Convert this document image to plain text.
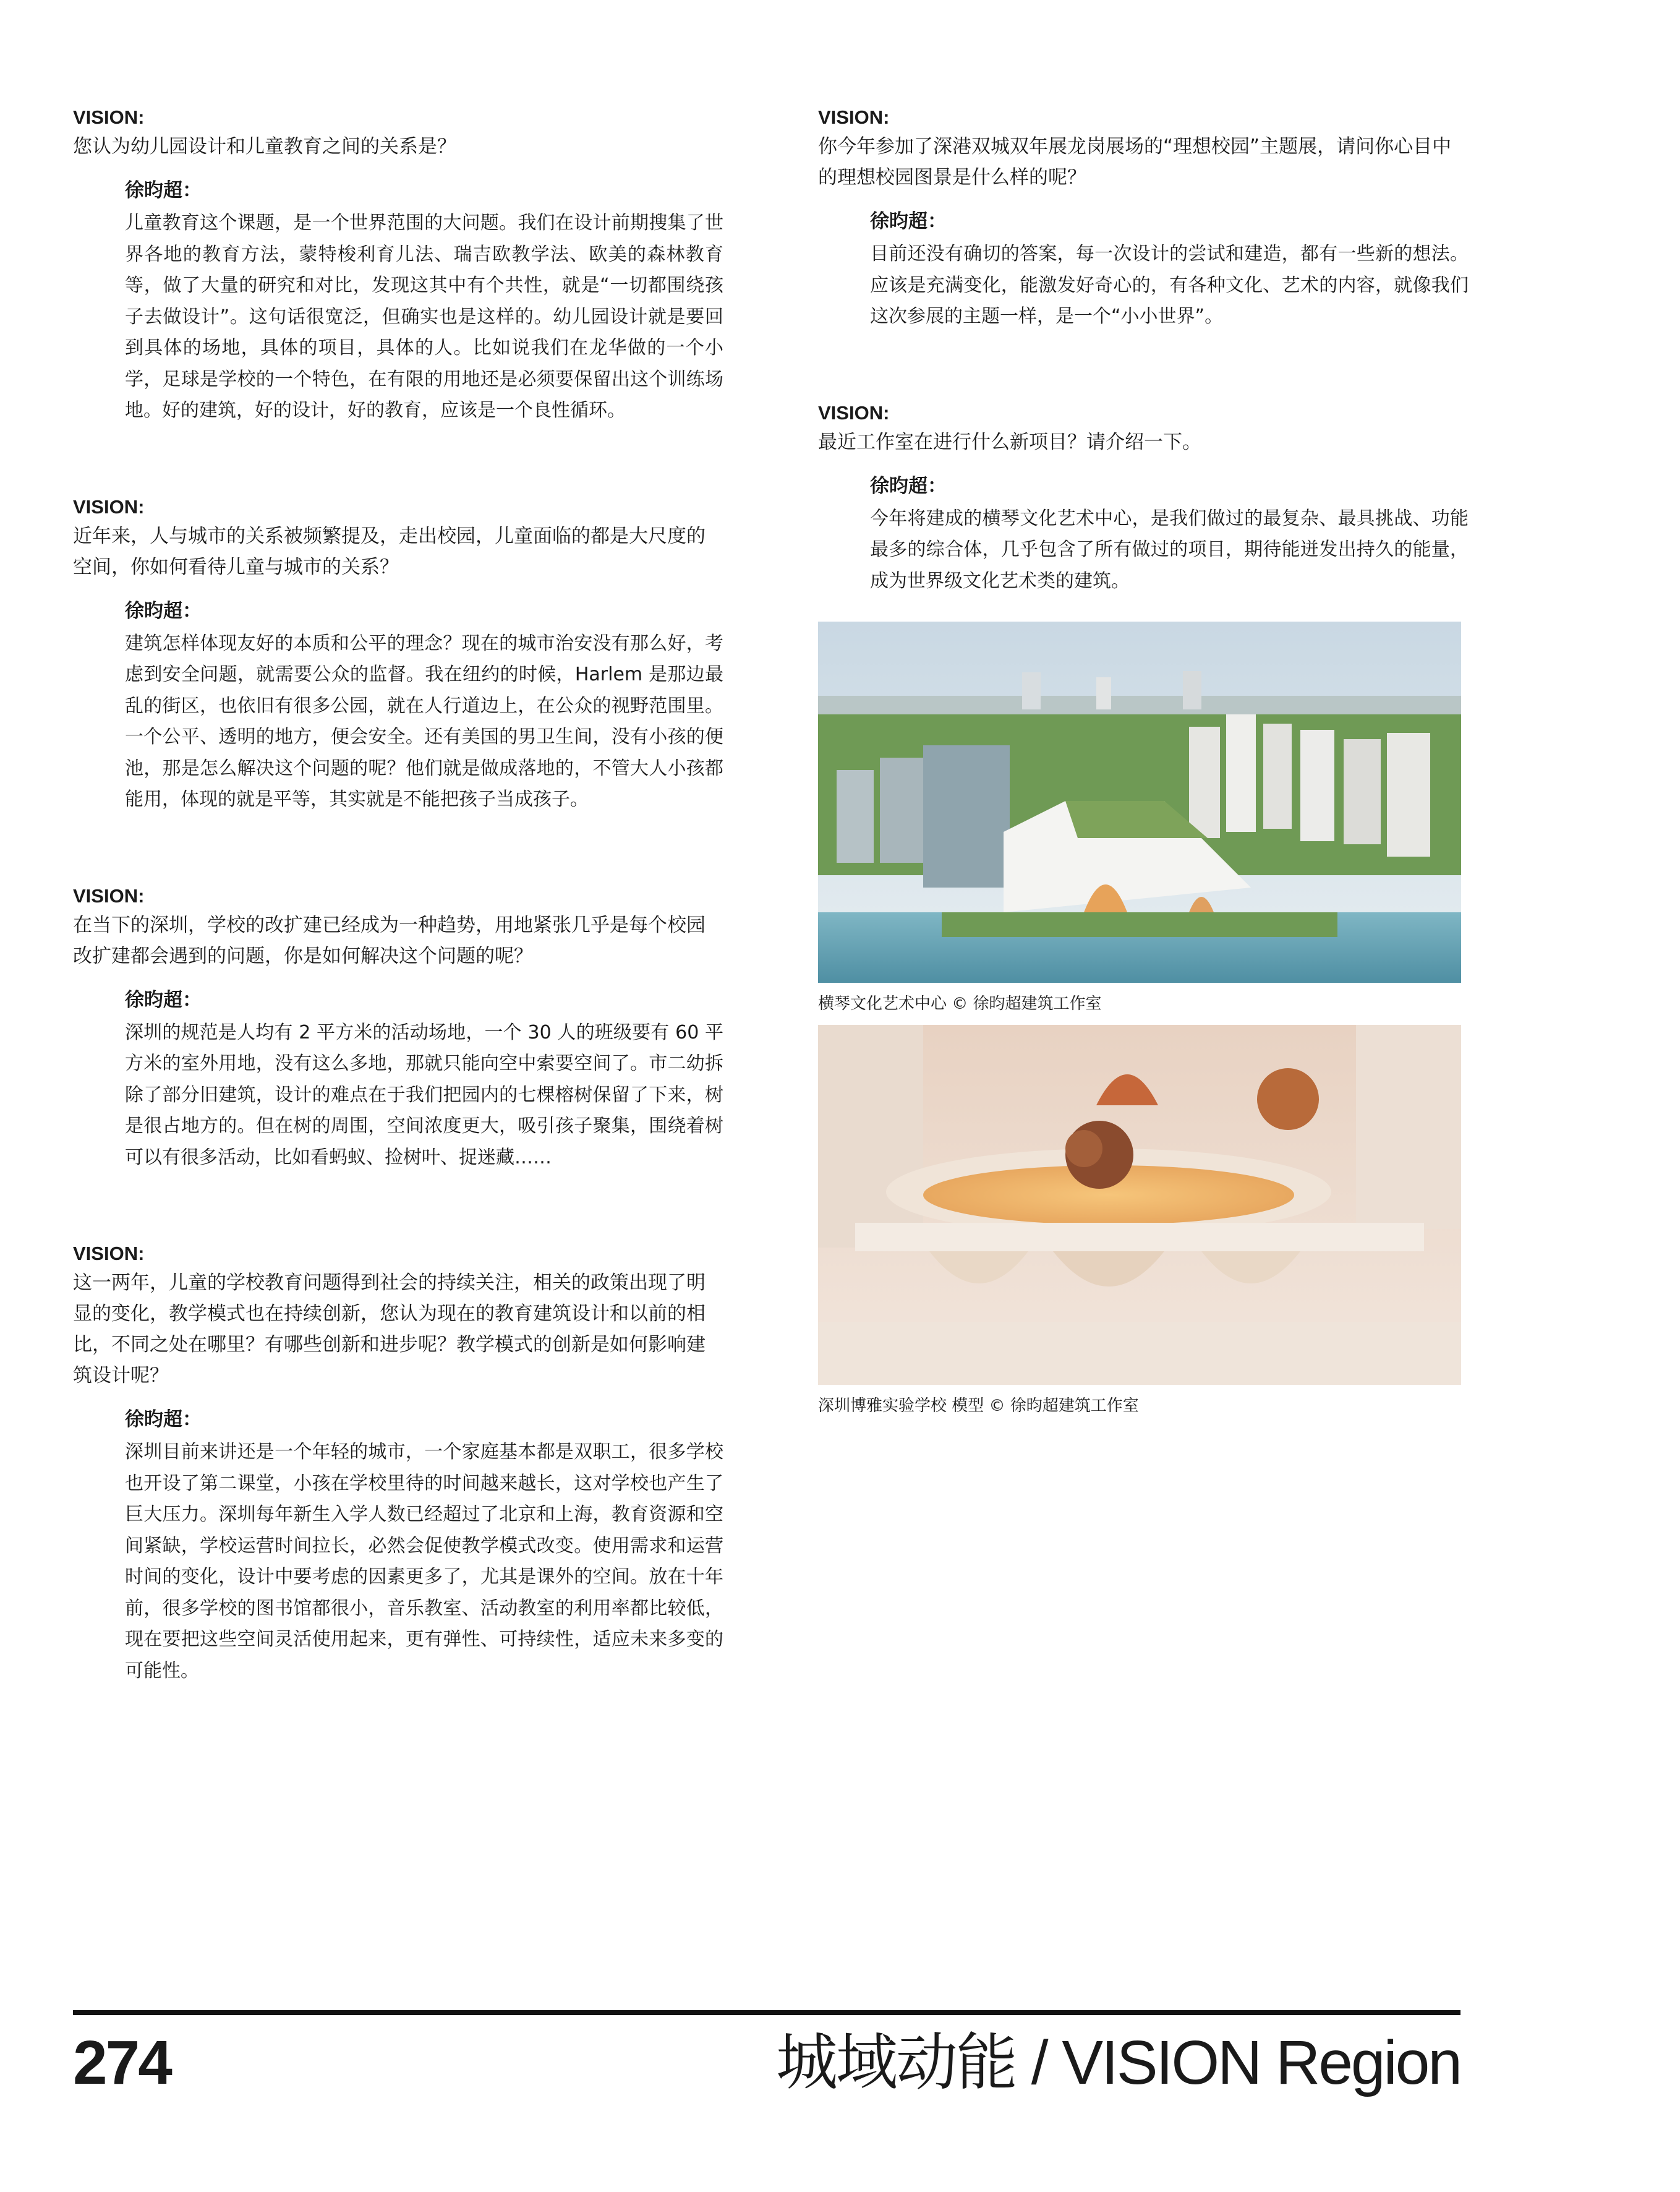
VISION:

您认为幼儿园设计和儿童教育之间的关系是？

徐昀超：

儿童教育这个课题，是一个世界范围的大问题。我们在设计前期搜集了世界各地的教育方法，蒙特梭利育儿法、瑞吉欧教学法、欧美的森林教育等，做了大量的研究和对比，发现这其中有个共性，就是“一切都围绕孩子去做设计”。这句话很宽泛，但确实也是这样的。幼儿园设计就是要回到具体的场地，具体的项目，具体的人。比如说我们在龙华做的一个小学，足球是学校的一个特色，在有限的用地还是必须要保留出这个训练场地。好的建筑，好的设计，好的教育，应该是一个良性循环。

VISION:

近年来，人与城市的关系被频繁提及，走出校园，儿童面临的都是大尺度的空间，你如何看待儿童与城市的关系？

徐昀超：

建筑怎样体现友好的本质和公平的理念？现在的城市治安没有那么好，考虑到安全问题，就需要公众的监督。我在纽约的时候，Harlem 是那边最乱的街区，也依旧有很多公园，就在人行道边上，在公众的视野范围里。一个公平、透明的地方，便会安全。还有美国的男卫生间，没有小孩的便池，那是怎么解决这个问题的呢？他们就是做成落地的，不管大人小孩都能用，体现的就是平等，其实就是不能把孩子当成孩子。

VISION:

在当下的深圳，学校的改扩建已经成为一种趋势，用地紧张几乎是每个校园改扩建都会遇到的问题，你是如何解决这个问题的呢？

徐昀超：

深圳的规范是人均有 2 平方米的活动场地，一个 30 人的班级要有 60 平方米的室外用地，没有这么多地，那就只能向空中索要空间了。市二幼拆除了部分旧建筑，设计的难点在于我们把园内的七棵榕树保留了下来，树是很占地方的。但在树的周围，空间浓度更大，吸引孩子聚集，围绕着树可以有很多活动，比如看蚂蚁、捡树叶、捉迷藏……

VISION:

这一两年，儿童的学校教育问题得到社会的持续关注，相关的政策出现了明显的变化，教学模式也在持续创新，您认为现在的教育建筑设计和以前的相比，不同之处在哪里？有哪些创新和进步呢？教学模式的创新是如何影响建筑设计呢？

徐昀超：

深圳目前来讲还是一个年轻的城市，一个家庭基本都是双职工，很多学校也开设了第二课堂，小孩在学校里待的时间越来越长，这对学校也产生了巨大压力。深圳每年新生入学人数已经超过了北京和上海，教育资源和空间紧缺，学校运营时间拉长，必然会促使教学模式改变。使用需求和运营时间的变化，设计中要考虑的因素更多了，尤其是课外的空间。放在十年前，很多学校的图书馆都很小，音乐教室、活动教室的利用率都比较低，现在要把这些空间灵活使用起来，更有弹性、可持续性，适应未来多变的可能性。

VISION:

你今年参加了深港双城双年展龙岗展场的“理想校园”主题展，请问你心目中的理想校园图景是什么样的呢？

徐昀超：

目前还没有确切的答案，每一次设计的尝试和建造，都有一些新的想法。应该是充满变化，能激发好奇心的，有各种文化、艺术的内容，就像我们这次参展的主题一样，是一个“小小世界”。

VISION:

最近工作室在进行什么新项目？请介绍一下。

徐昀超：

今年将建成的横琴文化艺术中心，是我们做过的最复杂、最具挑战、功能最多的综合体，几乎包含了所有做过的项目，期待能迸发出持久的能量，成为世界级文化艺术类的建筑。

横琴文化艺术中心 © 徐昀超建筑工作室

深圳博雅实验学校 模型 © 徐昀超建筑工作室

274	城域动能 / VISION Region
